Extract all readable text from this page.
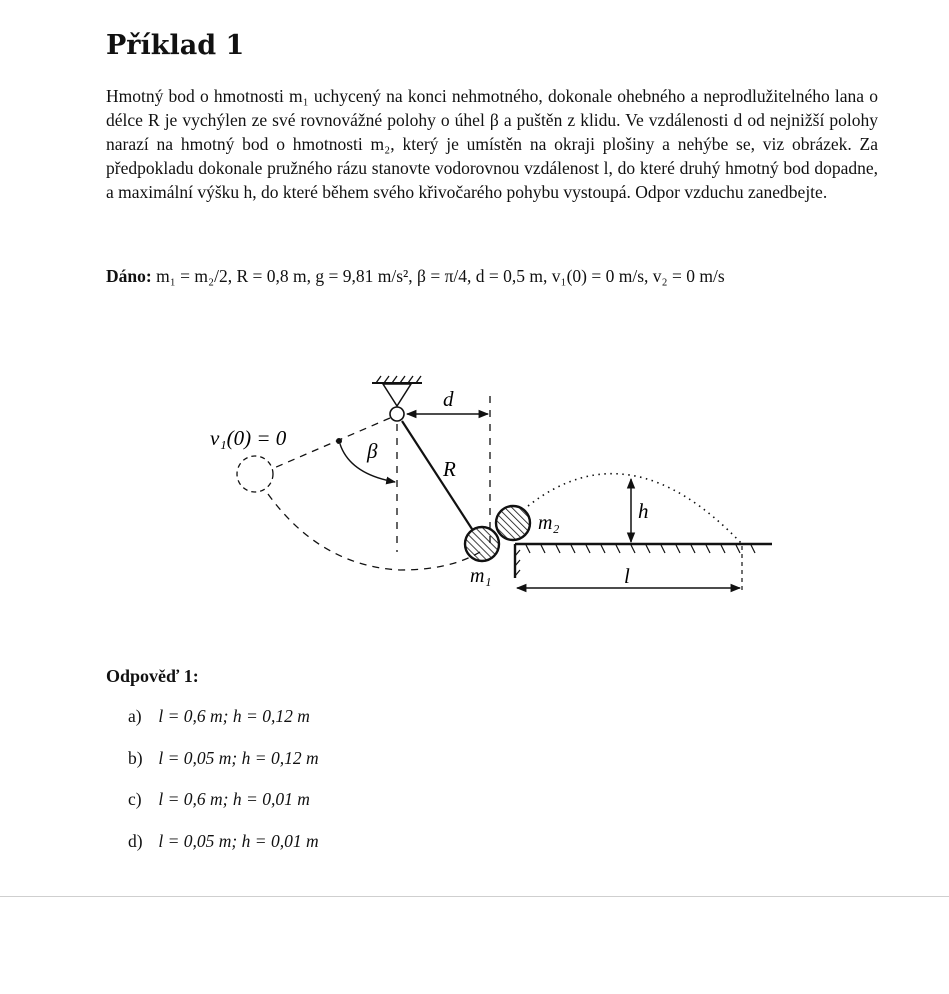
Příklad 1

Hmotný bod o hmotnosti m₁ uchycený na konci nehmotného, dokonale ohebného a neprodlužitelného lana o délce R je vychýlen ze své rovnovážné polohy o úhel β a puštěn z klidu. Ve vzdálenosti d od nejnižší polohy narazí na hmotný bod o hmotnosti m₂, který je umístěn na okraji plošiny a nehýbe se, viz obrázek. Za předpokladu dokonale pružného rázu stanovte vodorovnou vzdálenost l, do které druhý hmotný bod dopadne, a maximální výšku h, do které během svého křivočarého pohybu vystoupá. Odpor vzduchu zanedbejte.

Dáno: m₁ = m₂/2, R = 0,8 m, g = 9,81 m/s², β = π/4, d = 0,5 m, v₁(0) = 0 m/s, v₂ = 0 m/s

d
β
R
v₁(0) = 0
m₁
m₂	h
l
Odpověď 1:
a) l = 0,6 m; h = 0,12 m
b) l = 0,05 m; h = 0,12 m
c) l = 0,6 m; h = 0,01 m
d) l = 0,05 m; h = 0,01 m
